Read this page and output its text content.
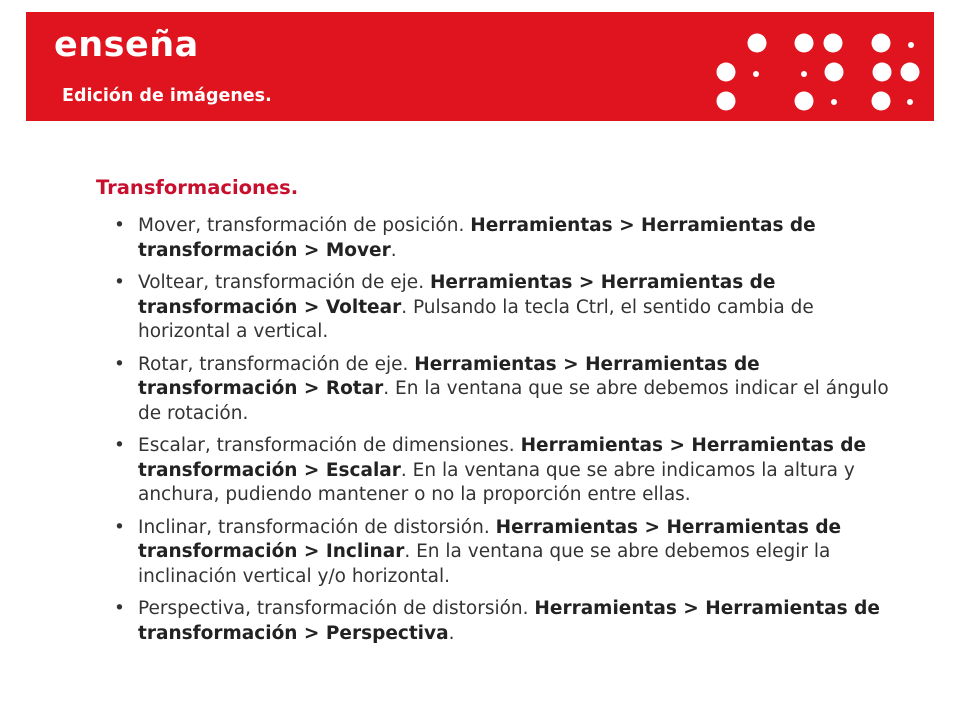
enseña
Edición de imágenes.
Transformaciones.
• Mover, transformación de posición. Herramientas > Herramientas de transformación > Mover.
• Voltear, transformación de eje. Herramientas > Herramientas de transformación > Voltear. Pulsando la tecla Ctrl, el sentido cambia de horizontal a vertical.
• Rotar, transformación de eje. Herramientas > Herramientas de transformación > Rotar. En la ventana que se abre debemos indicar el ángulo de rotación.
• Escalar, transformación de dimensiones. Herramientas > Herramientas de transformación > Escalar. En la ventana que se abre indicamos la altura y anchura, pudiendo mantener o no la proporción entre ellas.
• Inclinar, transformación de distorsión. Herramientas > Herramientas de transformación > Inclinar. En la ventana que se abre debemos elegir la inclinación vertical y/o horizontal.
• Perspectiva, transformación de distorsión. Herramientas > Herramientas de transformación > Perspectiva.
